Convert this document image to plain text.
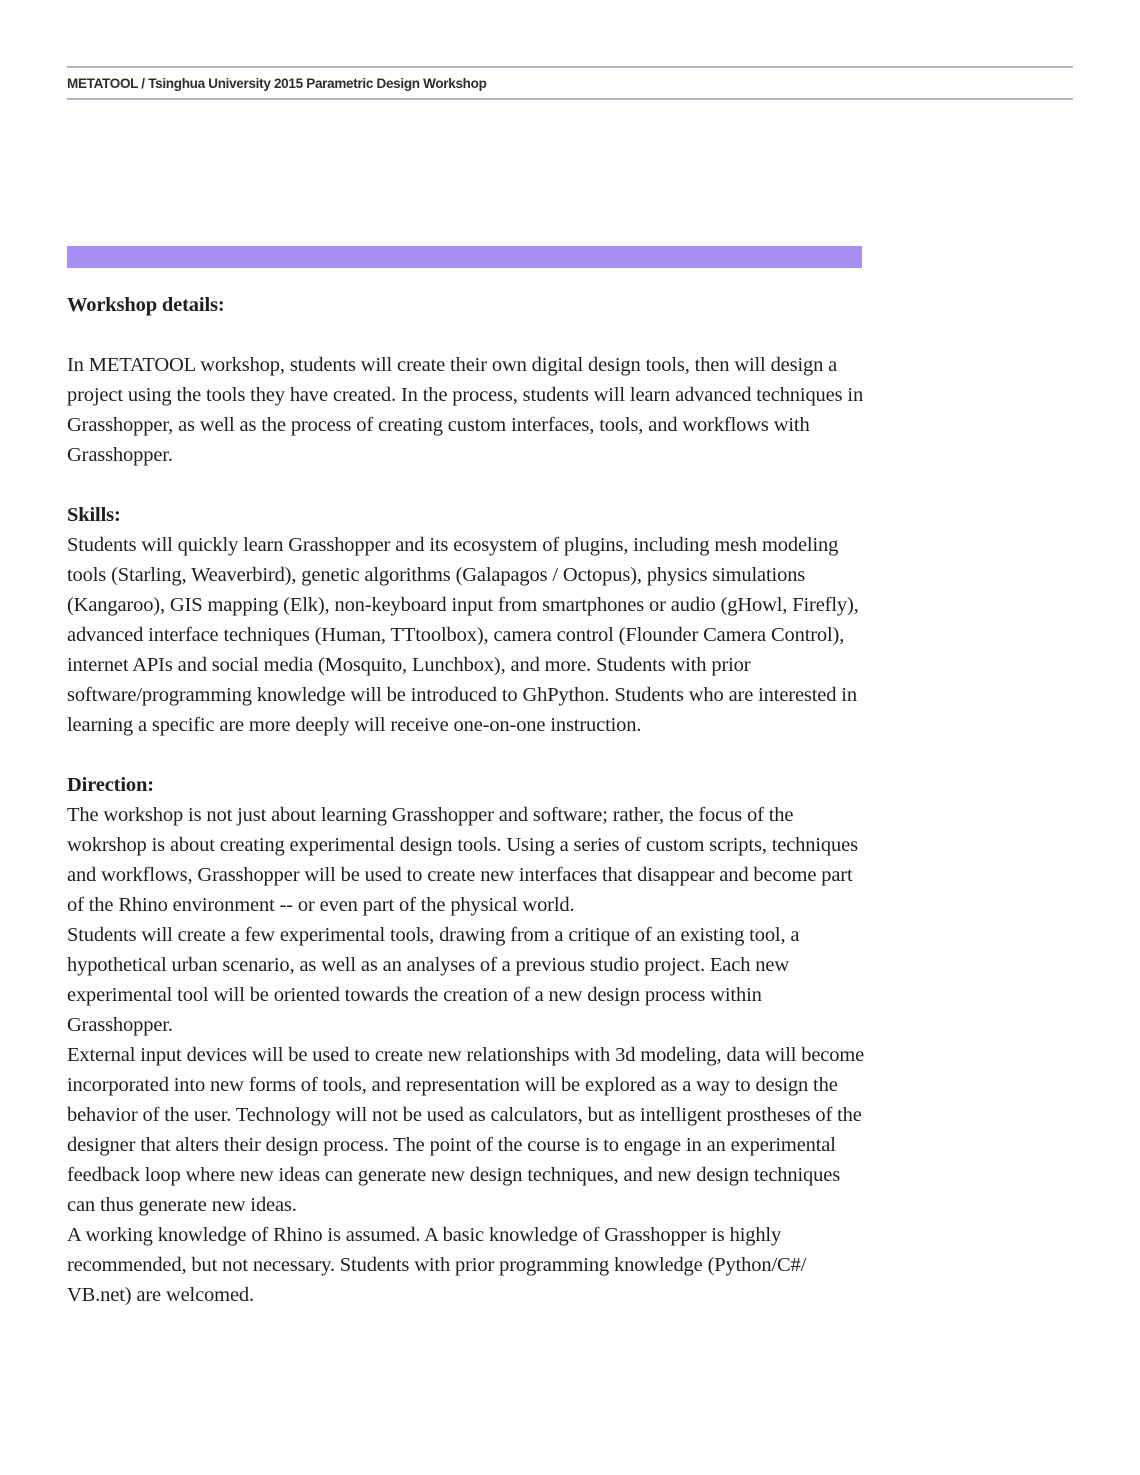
METATOOL / Tsinghua University 2015 Parametric Design Workshop
Workshop details:

In METATOOL workshop, students will create their own digital design tools, then will design a project using the tools they have created. In the process, students will learn advanced techniques in Grasshopper, as well as the process of creating custom interfaces, tools, and workflows with Grasshopper.

Skills:

Students will quickly learn Grasshopper and its ecosystem of plugins, including mesh modeling tools (Starling, Weaverbird), genetic algorithms (Galapagos / Octopus), physics simulations (Kangaroo), GIS mapping (Elk), non-keyboard input from smartphones or audio (gHowl, Firefly), advanced interface techniques (Human, TTtoolbox), camera control (Flounder Camera Control), internet APIs and social media (Mosquito, Lunchbox), and more. Students with prior software/programming knowledge will be introduced to GhPython. Students who are interested in learning a specific are more deeply will receive one-on-one instruction.

Direction:

The workshop is not just about learning Grasshopper and software; rather, the focus of the wokrshop is about creating experimental design tools. Using a series of custom scripts, techniques and workflows, Grasshopper will be used to create new interfaces that disappear and become part of the Rhino environment -- or even part of the physical world.

Students will create a few experimental tools, drawing from a critique of an existing tool, a hypothetical urban scenario, as well as an analyses of a previous studio project. Each new experimental tool will be oriented towards the creation of a new design process within Grasshopper.

External input devices will be used to create new relationships with 3d modeling, data will become incorporated into new forms of tools, and representation will be explored as a way to design the behavior of the user. Technology will not be used as calculators, but as intelligent prostheses of the designer that alters their design process. The point of the course is to engage in an experimental feedback loop where new ideas can generate new design techniques, and new design techniques can thus generate new ideas.

A working knowledge of Rhino is assumed. A basic knowledge of Grasshopper is highly recommended, but not necessary. Students with prior programming knowledge (Python/C#/​VB.net) are welcomed.
